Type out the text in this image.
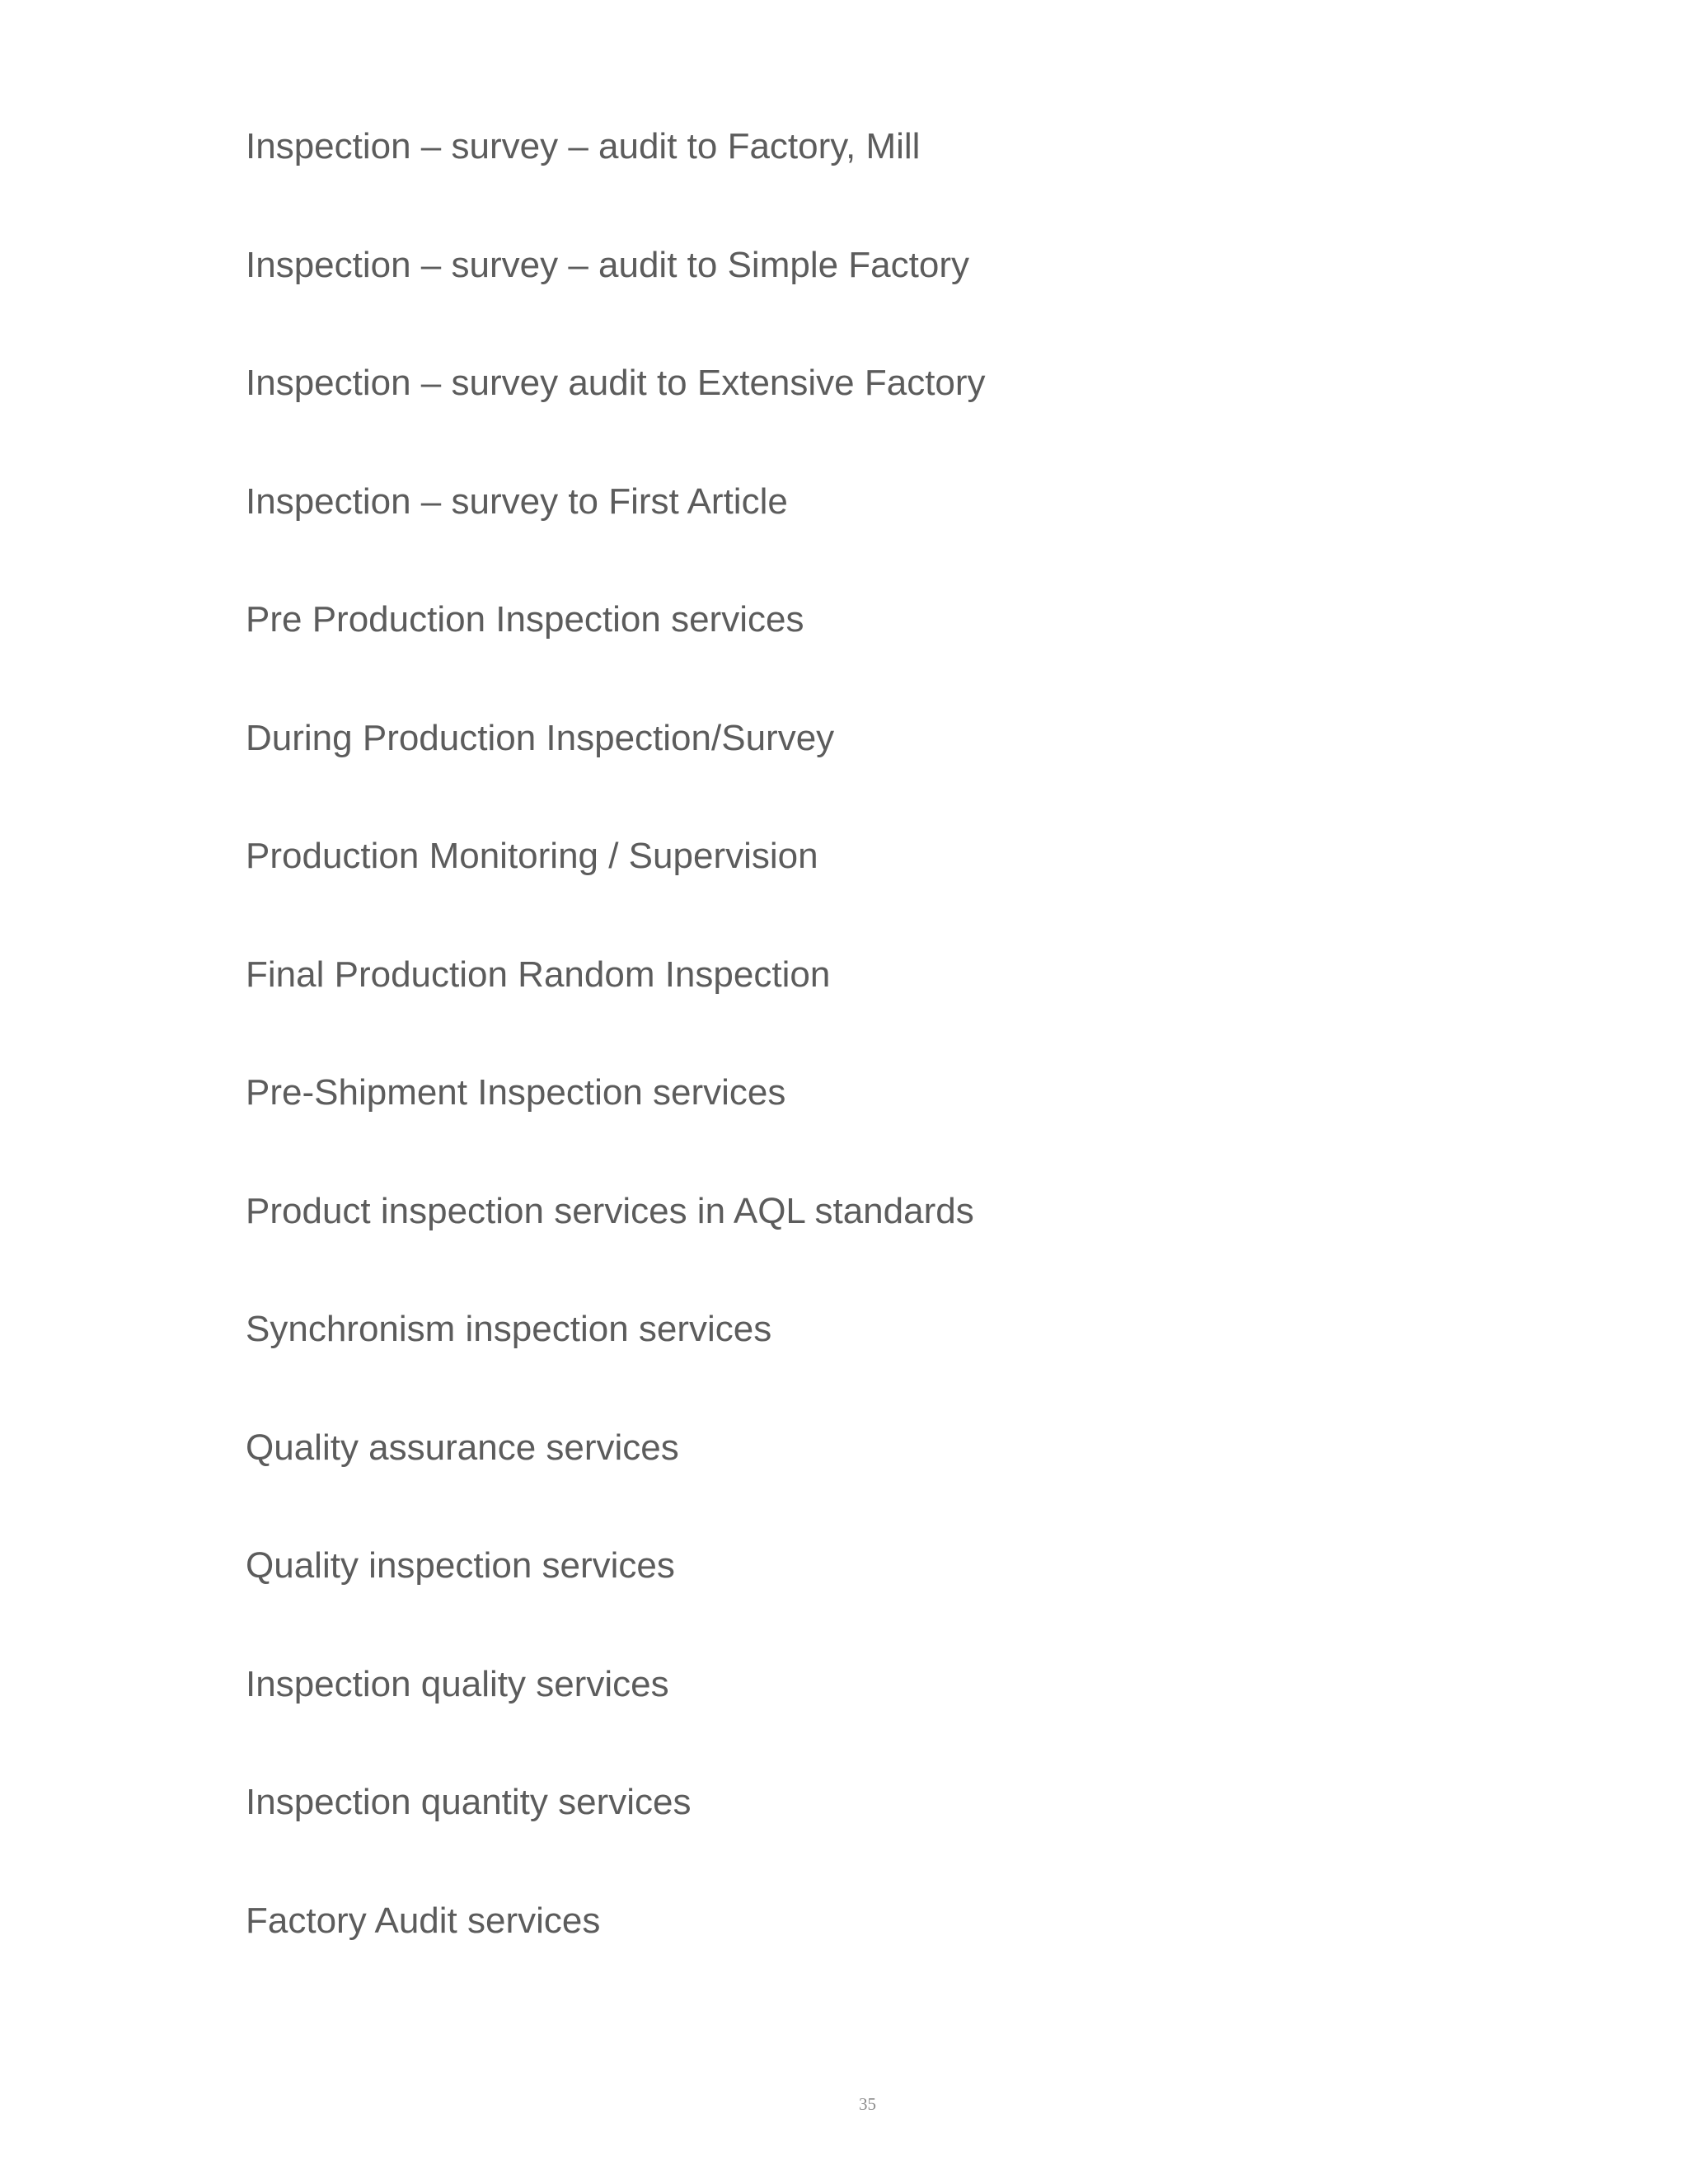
Inspection – survey – audit to Factory, Mill
Inspection – survey – audit to Simple Factory
Inspection – survey audit to Extensive Factory
Inspection – survey to First Article
Pre Production Inspection services
During Production Inspection/Survey
Production Monitoring / Supervision
Final Production Random Inspection
Pre-Shipment Inspection services
Product inspection services in AQL standards
Synchronism inspection services
Quality assurance services
Quality inspection services
Inspection quality services
Inspection quantity services
Factory Audit services
35
